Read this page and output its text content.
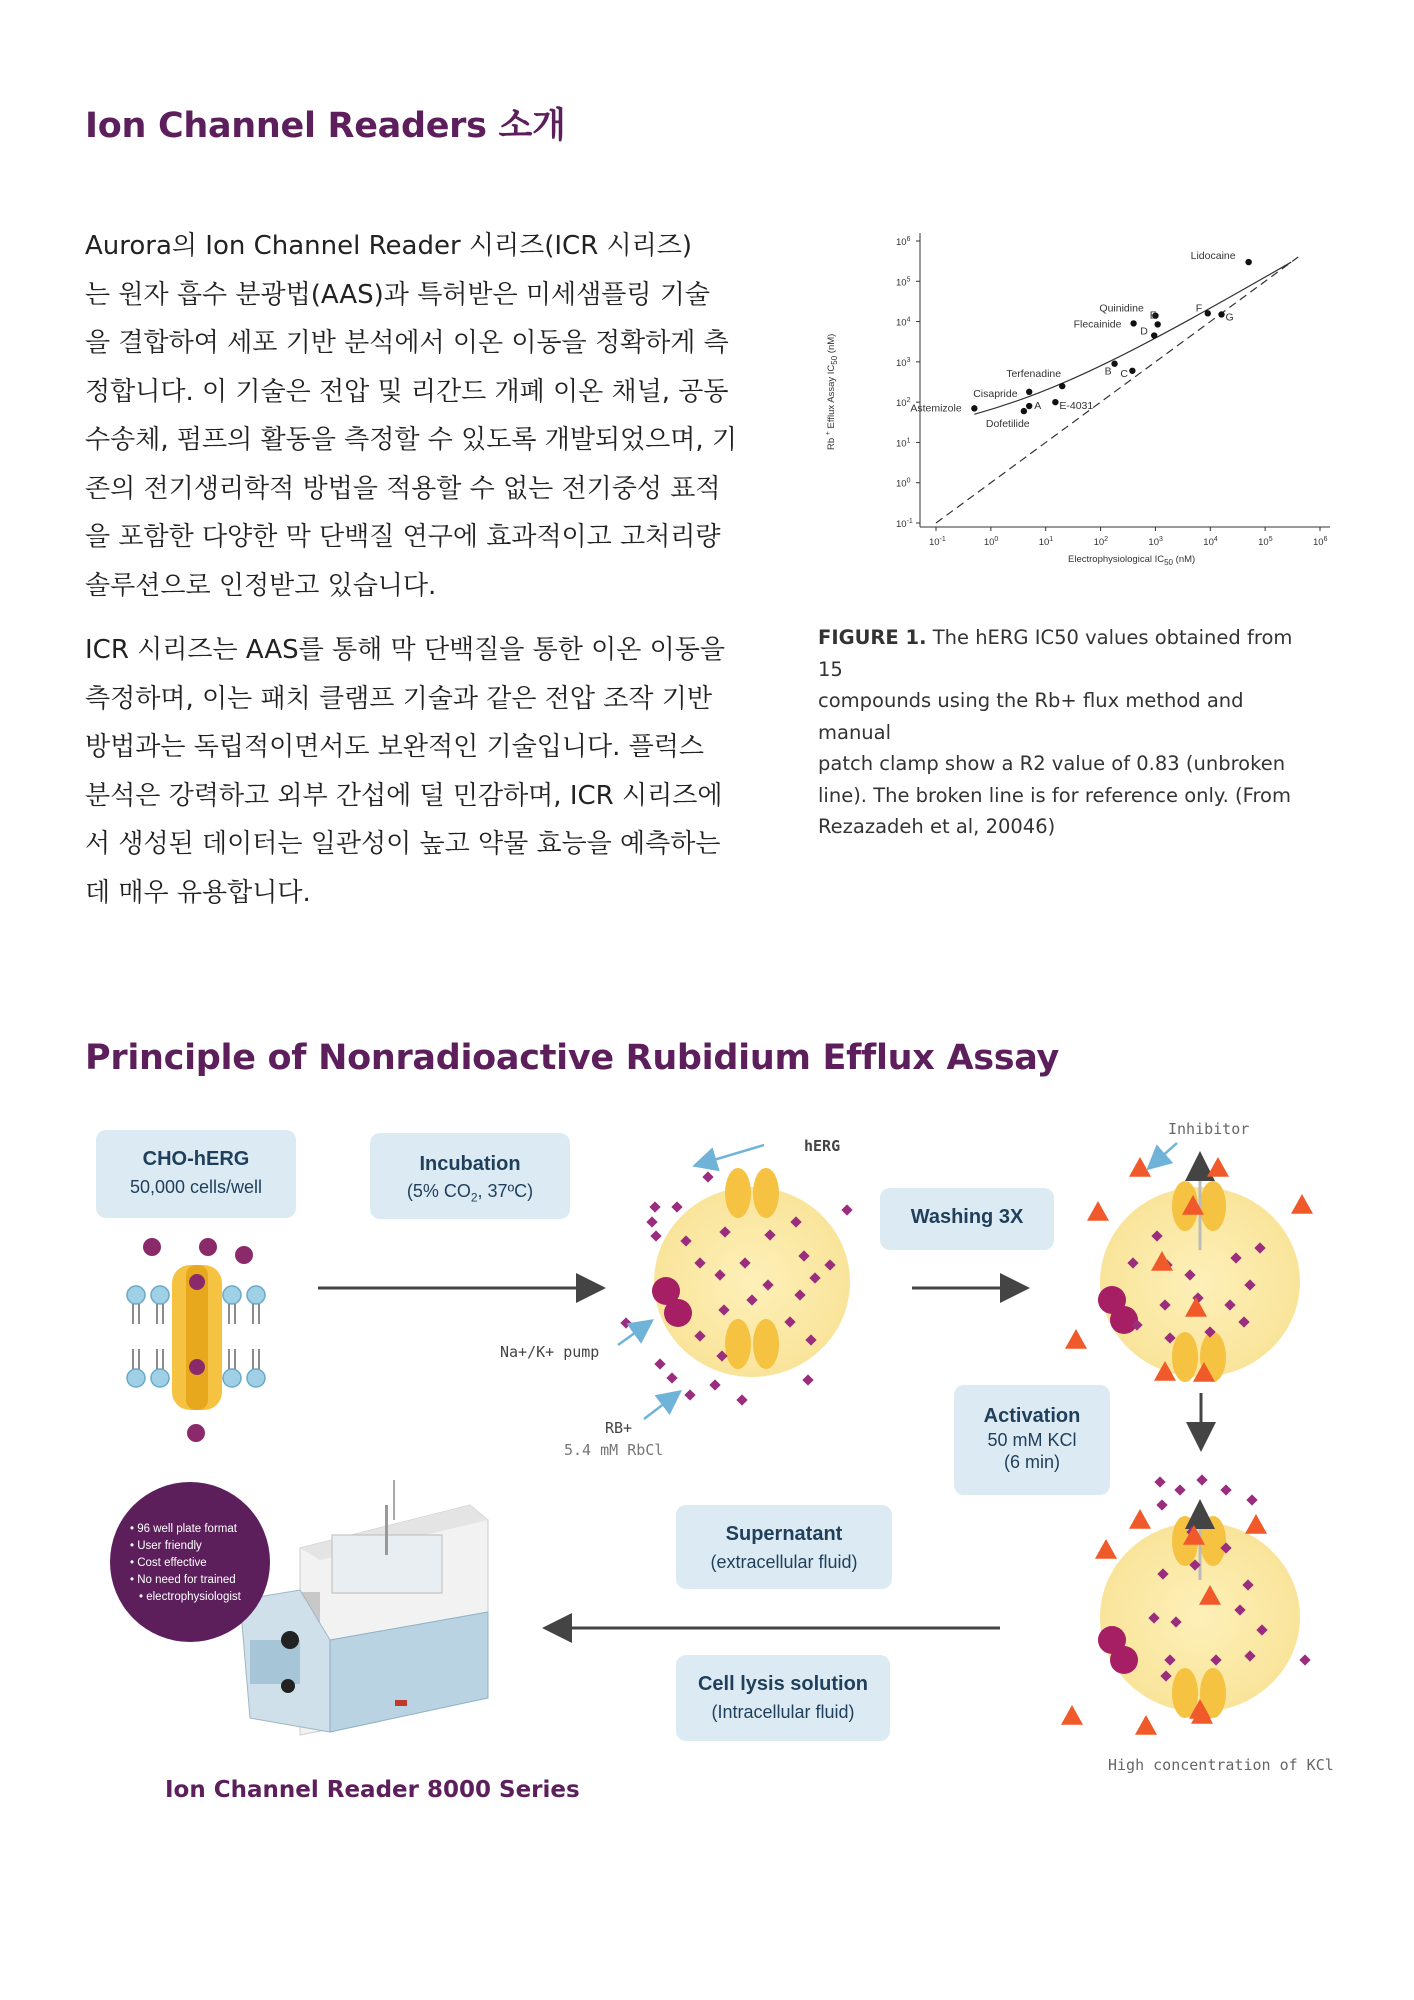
Ion Channel Readers 소개
Aurora의 Ion Channel Reader 시리즈(ICR 시리즈)
는 원자 흡수 분광법(AAS)과 특허받은 미세샘플링 기술
을 결합하여 세포 기반 분석에서 이온 이동을 정확하게 측
정합니다. 이 기술은 전압 및 리간드 개폐 이온 채널, 공동
수송체, 펌프의 활동을 측정할 수 있도록 개발되었으며, 기
존의 전기생리학적 방법을 적용할 수 없는 전기중성 표적
을 포함한 다양한 막 단백질 연구에 효과적이고 고처리량
솔루션으로 인정받고 있습니다.
ICR 시리즈는 AAS를 통해 막 단백질을 통한 이온 이동을
측정하며, 이는 패치 클램프 기술과 같은 전압 조작 기반
방법과는 독립적이면서도 보완적인 기술입니다. 플럭스
분석은 강력하고 외부 간섭에 덜 민감하며, ICR 시리즈에
서 생성된 데이터는 일관성이 높고 약물 효능을 예측하는
데 매우 유용합니다.
$10^{-1}$
$10^{-1}$
$10^0$
$10^0$
$10^1$
$10^1$
$10^2$
$10^2$
$10^3$
$10^3$
$10^4$
$10^4$
$10^5$
$10^5$
$10^6$
$10^6$
Electrophysiological $IC_{50}$ (nM)
Rb + Efflux Assay $IC_{50}$ (nM)
Lidocaine
Quinidine
Flecainide
E
D
F
G
B C
Terfenadine
Cisapride
A E-4031
Dofetilide
Astemizole
FIGURE 1. The hERG IC50 values obtained from 15
compounds using the Rb+ flux method and manual
patch clamp show a R2 value of 0.83 (unbroken
line). The broken line is for reference only. (From
Rezazadeh et al, 20046)
Principle of Nonradioactive Rubidium Efflux Assay
CHO-hERG
50,000 cells/well
Incubation
(5% $CO_2$, 37ºC)
Washing 3X
Activation
50 mM KCl
(6 min)
Supernatant
(extracellular fluid)
Cell lysis solution
(Intracellular fluid)
hERG
Na+/K+ pump
RB+
5.4 mM RbCl
Inhibitor
High concentration of KCl
• 96 well plate format
• User friendly
• Cost effective
• No need for trained
• electrophysiologist
Ion Channel Reader 8000 Series
